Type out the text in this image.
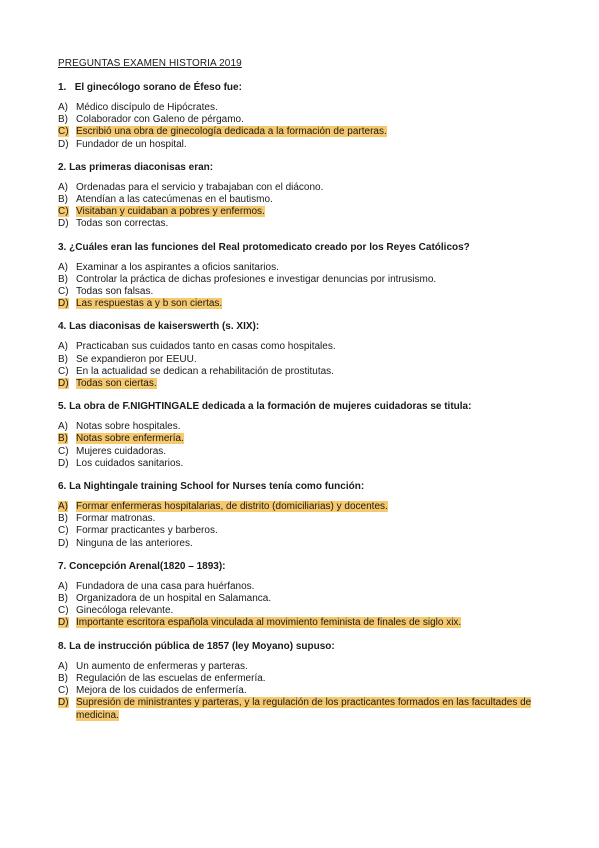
PREGUNTAS EXAMEN HISTORIA 2019
1. El ginecólogo sorano de Éfeso fue:
A) Médico discípulo de Hipócrates.
B) Colaborador con Galeno de pérgamo.
C) Escribió una obra de ginecología dedicada a la formación de parteras.
D) Fundador de un hospital.
2. Las primeras diaconisas eran:
A) Ordenadas para el servicio y trabajaban con el diácono.
B) Atendían a las catecúmenas en el bautismo.
C) Visitaban y cuidaban a pobres y enfermos.
D) Todas son correctas.
3. ¿Cuáles eran las funciones del Real protomedicato creado por los Reyes Católicos?
A) Examinar a los aspirantes a oficios sanitarios.
B) Controlar la práctica de dichas profesiones e investigar denuncias por intrusismo.
C) Todas son falsas.
D) Las respuestas a y b son ciertas.
4. Las diaconisas de kaiserswerth (s. XIX):
A) Practicaban sus cuidados tanto en casas como hospitales.
B) Se expandieron por EEUU.
C) En la actualidad se dedican a rehabilitación de prostitutas.
D) Todas son ciertas.
5. La obra de F.NIGHTINGALE dedicada a la formación de mujeres cuidadoras se titula:
A) Notas sobre hospitales.
B) Notas sobre enfermería.
C) Mujeres cuidadoras.
D) Los cuidados sanitarios.
6. La Nightingale training School for Nurses tenía como función:
A) Formar enfermeras hospitalarias, de distrito (domiciliarias) y docentes.
B) Formar matronas.
C) Formar practicantes y barberos.
D) Ninguna de las anteriores.
7. Concepción Arenal(1820 – 1893):
A) Fundadora de una casa para huérfanos.
B) Organizadora de un hospital en Salamanca.
C) Ginecóloga relevante.
D) Importante escritora española vinculada al movimiento feminista de finales de siglo xix.
8. La de instrucción pública de 1857 (ley Moyano) supuso:
A) Un aumento de enfermeras y parteras.
B) Regulación de las escuelas de enfermería.
C) Mejora de los cuidados de enfermería.
D) Supresión de ministrantes y parteras, y la regulación de los practicantes formados en las facultades de medicina.
